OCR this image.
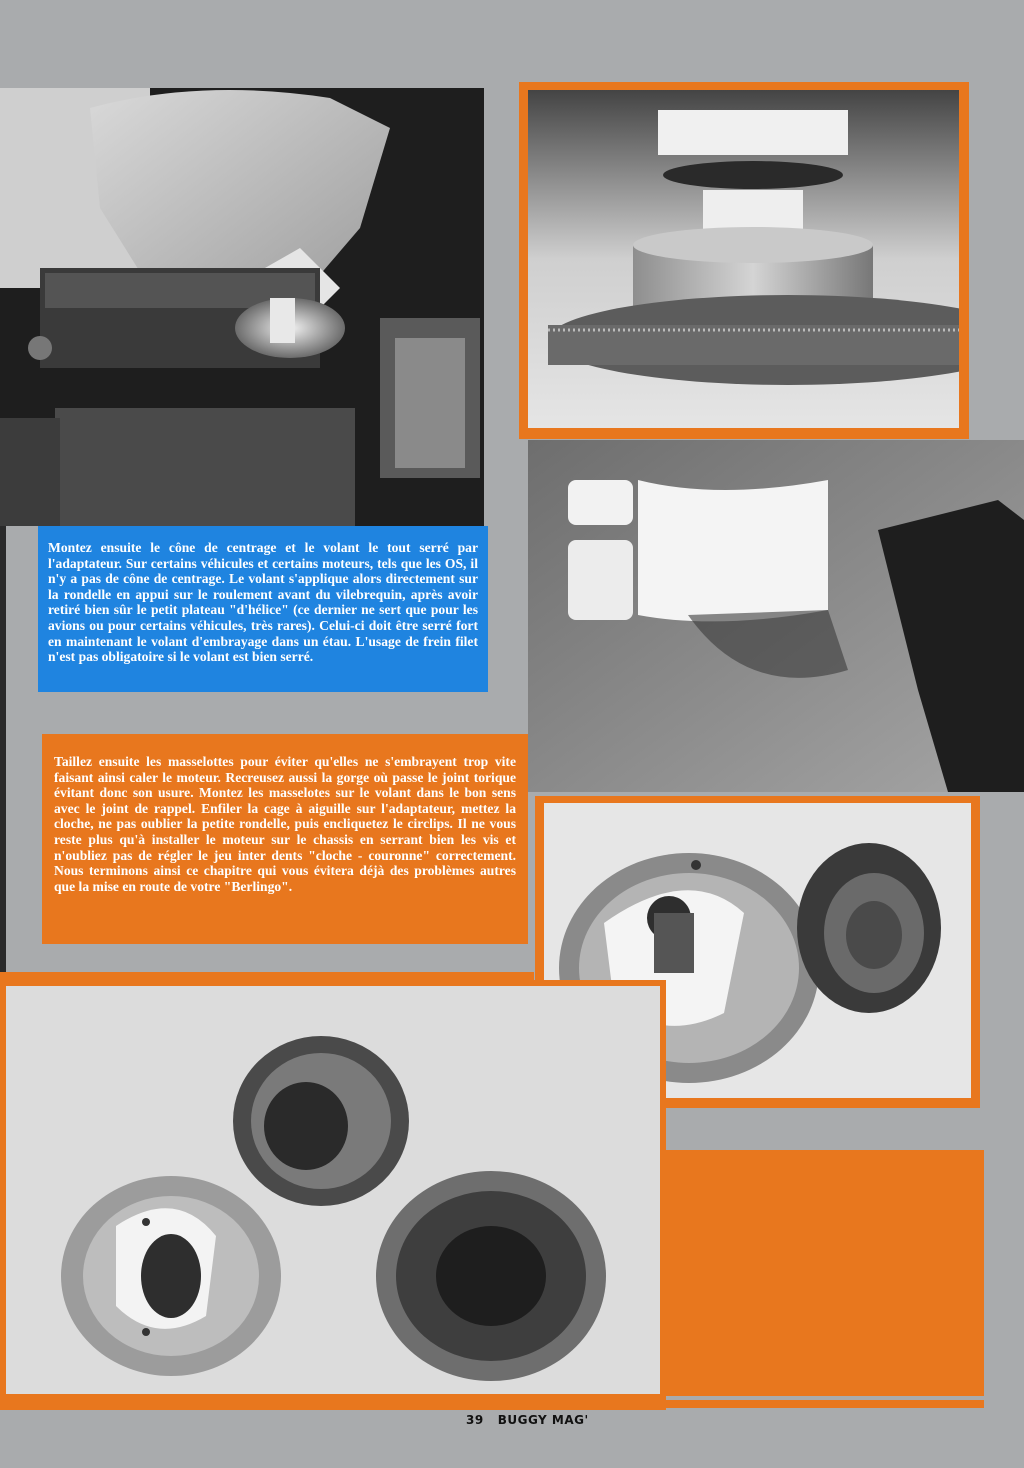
Montez ensuite le cône de centrage et le volant le tout serré par l'adaptateur. Sur certains véhicules et certains moteurs, tels que les OS, il n'y a pas de cône de centrage. Le volant s'applique alors directement sur la rondelle en appui sur le roulement avant du vilebrequin, après avoir retiré bien sûr le petit plateau "d'hélice" (ce dernier ne sert que pour les avions ou pour certains véhicules, très rares). Celui-ci doit être serré fort en maintenant le volant d'embrayage dans un étau. L'usage de frein filet n'est pas obligatoire si le volant est bien serré.
Taillez ensuite les masselottes pour éviter qu'elles ne s'embrayent trop vite faisant ainsi caler le moteur. Recreusez aussi la gorge où passe le joint torique évitant donc son usure. Montez les masselotes sur le volant dans le bon sens avec le joint de rappel. Enfiler la cage à aiguille sur l'adaptateur, mettez la cloche, ne pas oublier la petite rondelle, puis encliquetez le circlips. Il ne vous reste plus qu'à installer le moteur sur le chassis en serrant bien les vis et n'oubliez pas de régler le jeu inter dents "cloche - couronne" correctement. Nous terminons ainsi ce chapitre qui vous évitera déjà des problèmes autres que la mise en route de votre "Berlingo".
39 BUGGY MAG'
